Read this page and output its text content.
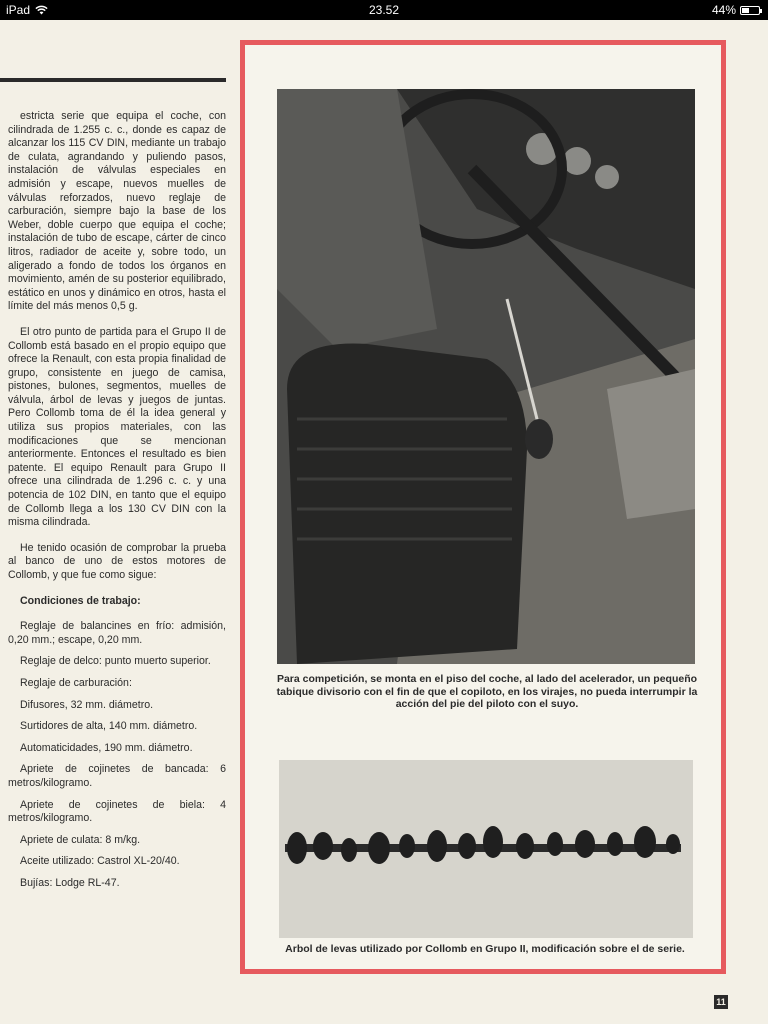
iPad	23.52	44%

estricta serie que equipa el coche, con cilindrada de 1.255 c. c., donde es capaz de alcanzar los 115 CV DIN, mediante un trabajo de culata, agrandando y puliendo pasos, instalación de válvulas especiales en admisión y escape, nuevos muelles de válvulas reforzados, nuevo reglaje de carburación, siempre bajo la base de los Weber, doble cuerpo que equipa el coche; instalación de tubo de escape, cárter de cinco litros, radiador de aceite y, sobre todo, un aligerado a fondo de todos los órganos en movimiento, amén de su posterior equilibrado, estático en unos y dinámico en otros, hasta el límite del más menos 0,5 g.

El otro punto de partida para el Grupo II de Collomb está basado en el propio equipo que ofrece la Renault, con esta propia finalidad de grupo, consistente en juego de camisa, pistones, bulones, segmentos, muelles de válvula, árbol de levas y juegos de juntas. Pero Collomb toma de él la idea general y utiliza sus propios materiales, con las modificaciones que se mencionan anteriormente. Entonces el resultado es bien patente. El equipo Renault para Grupo II ofrece una cilindrada de 1.296 c. c. y una potencia de 102 DIN, en tanto que el equipo de Collomb llega a los 130 CV DIN con la misma cilindrada.

He tenido ocasión de comprobar la prueba al banco de uno de estos motores de Collomb, y que fue como sigue:

Condiciones de trabajo:
Reglaje de balancines en frío: admisión, 0,20 mm.; escape, 0,20 mm.
Reglaje de delco: punto muerto superior.
Reglaje de carburación:
Difusores, 32 mm. diámetro.
Surtidores de alta, 140 mm. diámetro.
Automaticidades, 190 mm. diámetro.
Apriete de cojinetes de bancada: 6 metros/kilogramo.
Apriete de cojinetes de biela: 4 metros/kilogramo.
Apriete de culata: 8 m/kg.
Aceite utilizado: Castrol XL-20/40.
Bujías: Lodge RL-47.
Para competición, se monta en el piso del coche, al lado del acelerador, un pequeño tabique divisorio con el fin de que el copiloto, en los virajes, no pueda interrumpir la acción del pie del piloto con el suyo.
Arbol de levas utilizado por Collomb en Grupo II, modificación sobre el de serie.
11
